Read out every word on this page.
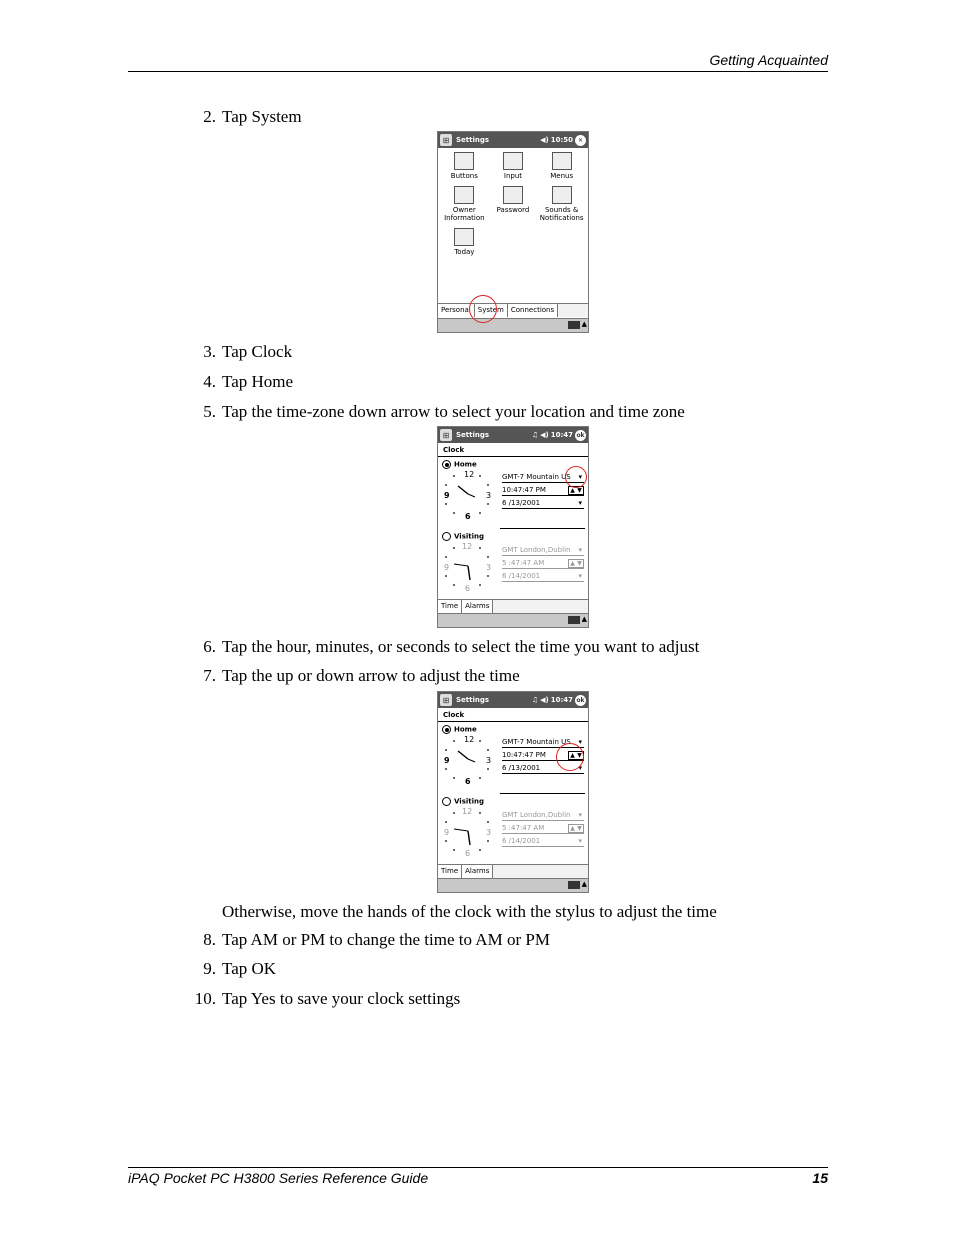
Getting Acquainted
2. Tap System
⊞ Settings	◀) 10:50 ✕
Buttons	Input	Menus
Owner Information
Password	Sounds & Notifications
Today
Personal	System	Connections
▲
3. Tap Clock
4. Tap Home
5. Tap the time-zone down arrow to select your location and time zone
⊞ Settings	♫ ◀) 10:47 ok
Clock
Home
12
3
6
9
GMT-7 Mountain US ▾
10:47:47 PM	▲ ▼
6 /13/2001	▾
Visiting
12
3
6
9
GMT London,Dublin ▾
5 :47:47 AM	▲ ▼
6 /14/2001	▾
Time	Alarms
▲
6. Tap the hour, minutes, or seconds to select the time you want to adjust
7. Tap the up or down arrow to adjust the time
⊞ Settings	♫ ◀) 10:47 ok
Clock
Home
12
3
6
9
GMT-7 Mountain US ▾
10:47:47 PM	▲ ▼
6 /13/2001	▾
Visiting
12
3
6
9
GMT London,Dublin ▾
5 :47:47 AM	▲ ▼
6 /14/2001	▾
Time	Alarms
▲
Otherwise, move the hands of the clock with the stylus to adjust the time
8. Tap AM or PM to change the time to AM or PM
9. Tap OK
10. Tap Yes to save your clock settings
iPAQ Pocket PC H3800 Series Reference Guide	15
